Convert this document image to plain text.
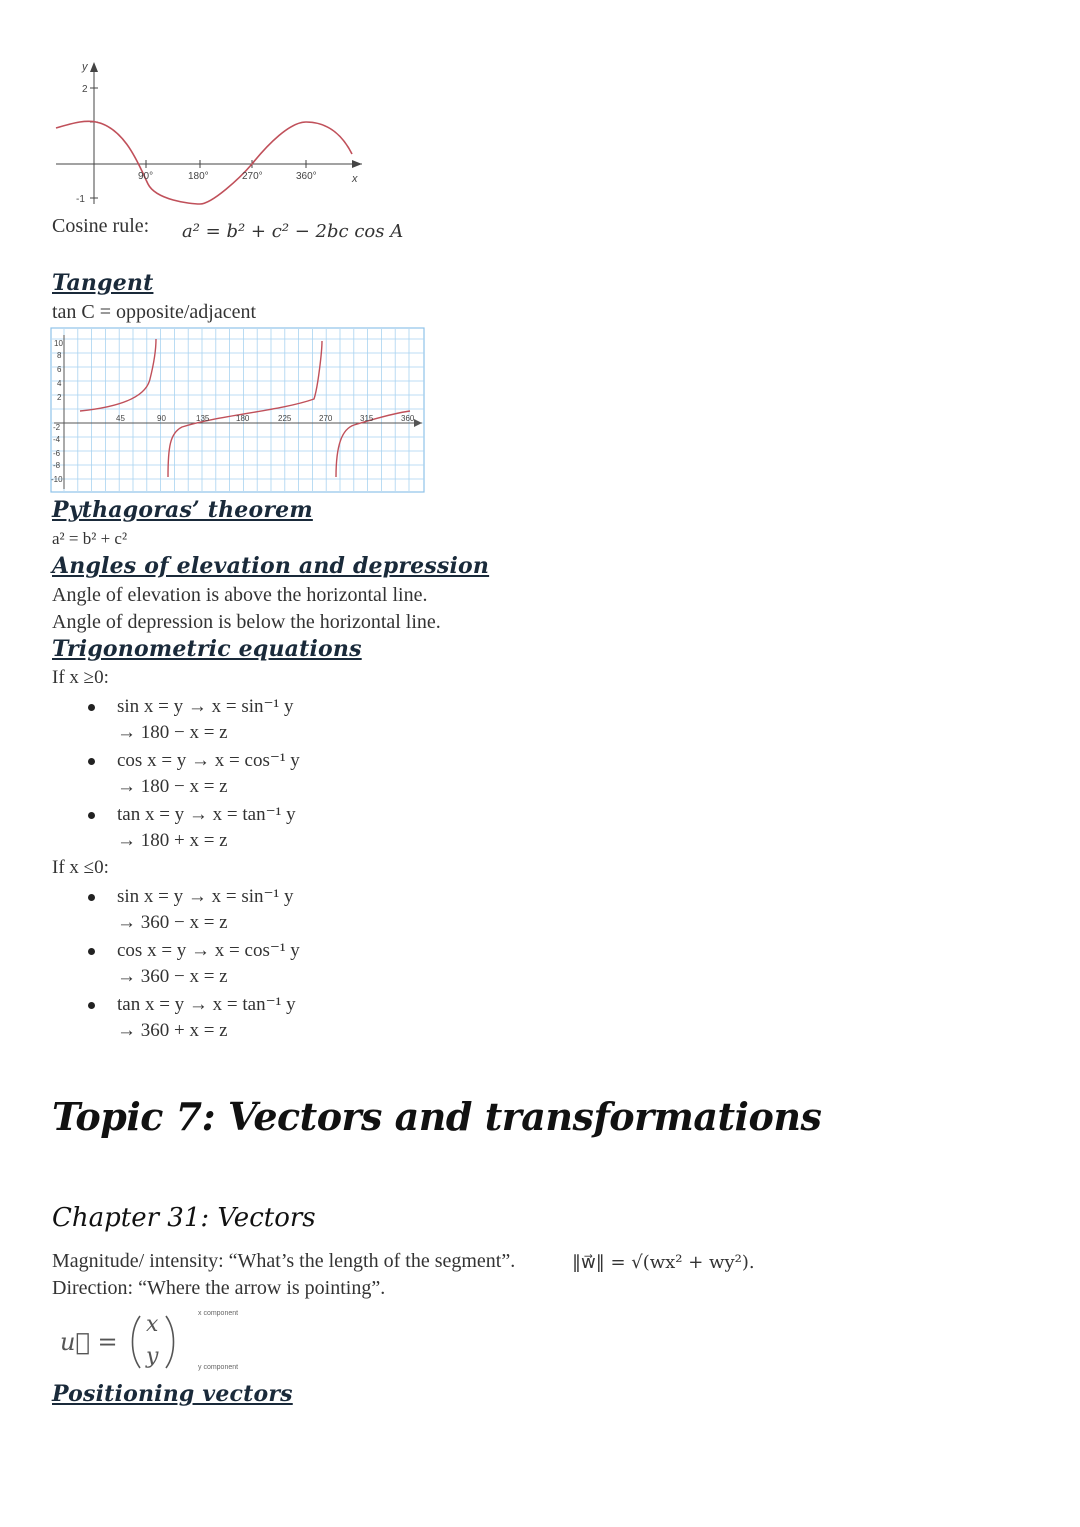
y
x
2
-1
90°	180°	270°	360°
Cosine rule: a² = b² + c² − 2bc cos A
Tangent
tan C = opposite/adjacent
10
8
6
4
2
-2
-4
-6
-8
-10
45	90	135	180	225	270	315	360
Pythagoras’ theorem
a² = b² + c²
Angles of elevation and depression
Angle of elevation is above the horizontal line.
Angle of depression is below the horizontal line.
Trigonometric equations
If x ≥0:
sin x = y → x = sin⁻¹ y
→ 180 − x = z
cos x = y → x = cos⁻¹ y
→ 180 − x = z
tan x = y → x = tan⁻¹ y
→ 180 + x = z
If x ≤0:
sin x = y → x = sin⁻¹ y
→ 360 − x = z
cos x = y → x = cos⁻¹ y
→ 360 − x = z
tan x = y → x = tan⁻¹ y
→ 360 + x = z
Topic 7: Vectors and transformations
Chapter 31: Vectors
Magnitude/ intensity: “What’s the length of the segment”.	‖w⃗‖ = √(wx² + wy²).
Direction: “Where the arrow is pointing”.
u⃗ =
x
y
x component
y component
Positioning vectors
